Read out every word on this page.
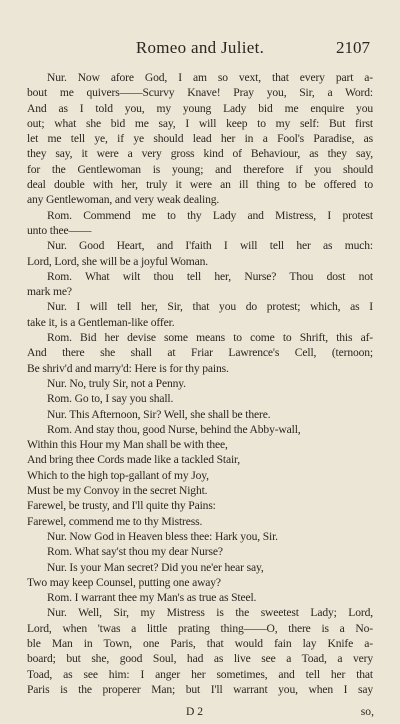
Romeo and Juliet.	2107
Nur. Now afore God, I am so vext, that every part a-
bout me quivers——Scurvy Knave! Pray you, Sir, a Word:
And as I told you, my young Lady bid me enquire you
out; what she bid me say, I will keep to my self: But first
let me tell ye, if ye should lead her in a Fool's Paradise, as
they say, it were a very gross kind of Behaviour, as they say,
for the Gentlewoman is young; and therefore if you should
deal double with her, truly it were an ill thing to be offered to
any Gentlewoman, and very weak dealing.
Rom. Commend me to thy Lady and Mistress, I protest
unto thee——
Nur. Good Heart, and I'faith I will tell her as much:
Lord, Lord, she will be a joyful Woman.
Rom. What wilt thou tell her, Nurse? Thou dost not
mark me?
Nur. I will tell her, Sir, that you do protest; which, as I
take it, is a Gentleman-like offer.
Rom. Bid her devise some means to come to Shrift, this af-
And there she shall at Friar Lawrence's Cell, (ternoon;
Be shriv'd and marry'd: Here is for thy pains.
Nur. No, truly Sir, not a Penny.
Rom. Go to, I say you shall.
Nur. This Afternoon, Sir? Well, she shall be there.
Rom. And stay thou, good Nurse, behind the Abby-wall,
Within this Hour my Man shall be with thee,
And bring thee Cords made like a tackled Stair,
Which to the high top-gallant of my Joy,
Must be my Convoy in the secret Night.
Farewel, be trusty, and I'll quite thy Pains:
Farewel, commend me to thy Mistress.
Nur. Now God in Heaven bless thee: Hark you, Sir.
Rom. What say'st thou my dear Nurse?
Nur. Is your Man secret? Did you ne'er hear say,
Two may keep Counsel, putting one away?
Rom. I warrant thee my Man's as true as Steel.
Nur. Well, Sir, my Mistress is the sweetest Lady; Lord,
Lord, when 'twas a little prating thing——O, there is a No-
ble Man in Town, one Paris, that would fain lay Knife a-
board; but she, good Soul, had as live see a Toad, a very
Toad, as see him: I anger her sometimes, and tell her that
Paris is the properer Man; but I'll warrant you, when I say
D 2	so,
